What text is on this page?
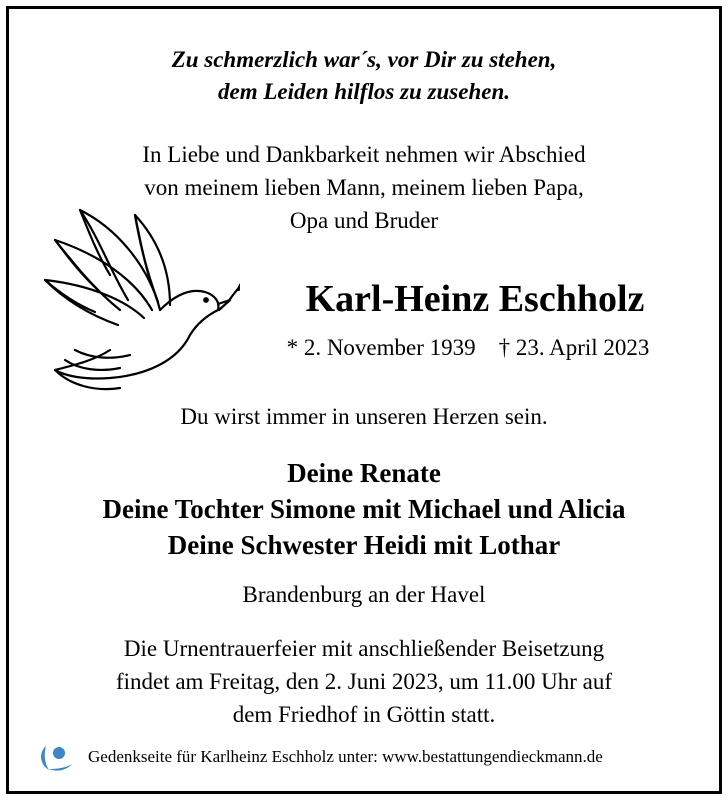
Zu schmerzlich war´s, vor Dir zu stehen,
dem Leiden hilflos zu zusehen.
In Liebe und Dankbarkeit nehmen wir Abschied
von meinem lieben Mann, meinem lieben Papa,
Opa und Bruder
Karl-Heinz Eschholz
* 2. November 1939 † 23. April 2023
Du wirst immer in unseren Herzen sein.
Deine Renate
Deine Tochter Simone mit Michael und Alicia
Deine Schwester Heidi mit Lothar
Brandenburg an der Havel
Die Urnentrauerfeier mit anschließender Beisetzung
findet am Freitag, den 2. Juni 2023, um 11.00 Uhr auf
dem Friedhof in Göttin statt.
Gedenkseite für Karlheinz Eschholz unter: www.bestattungendieckmann.de
